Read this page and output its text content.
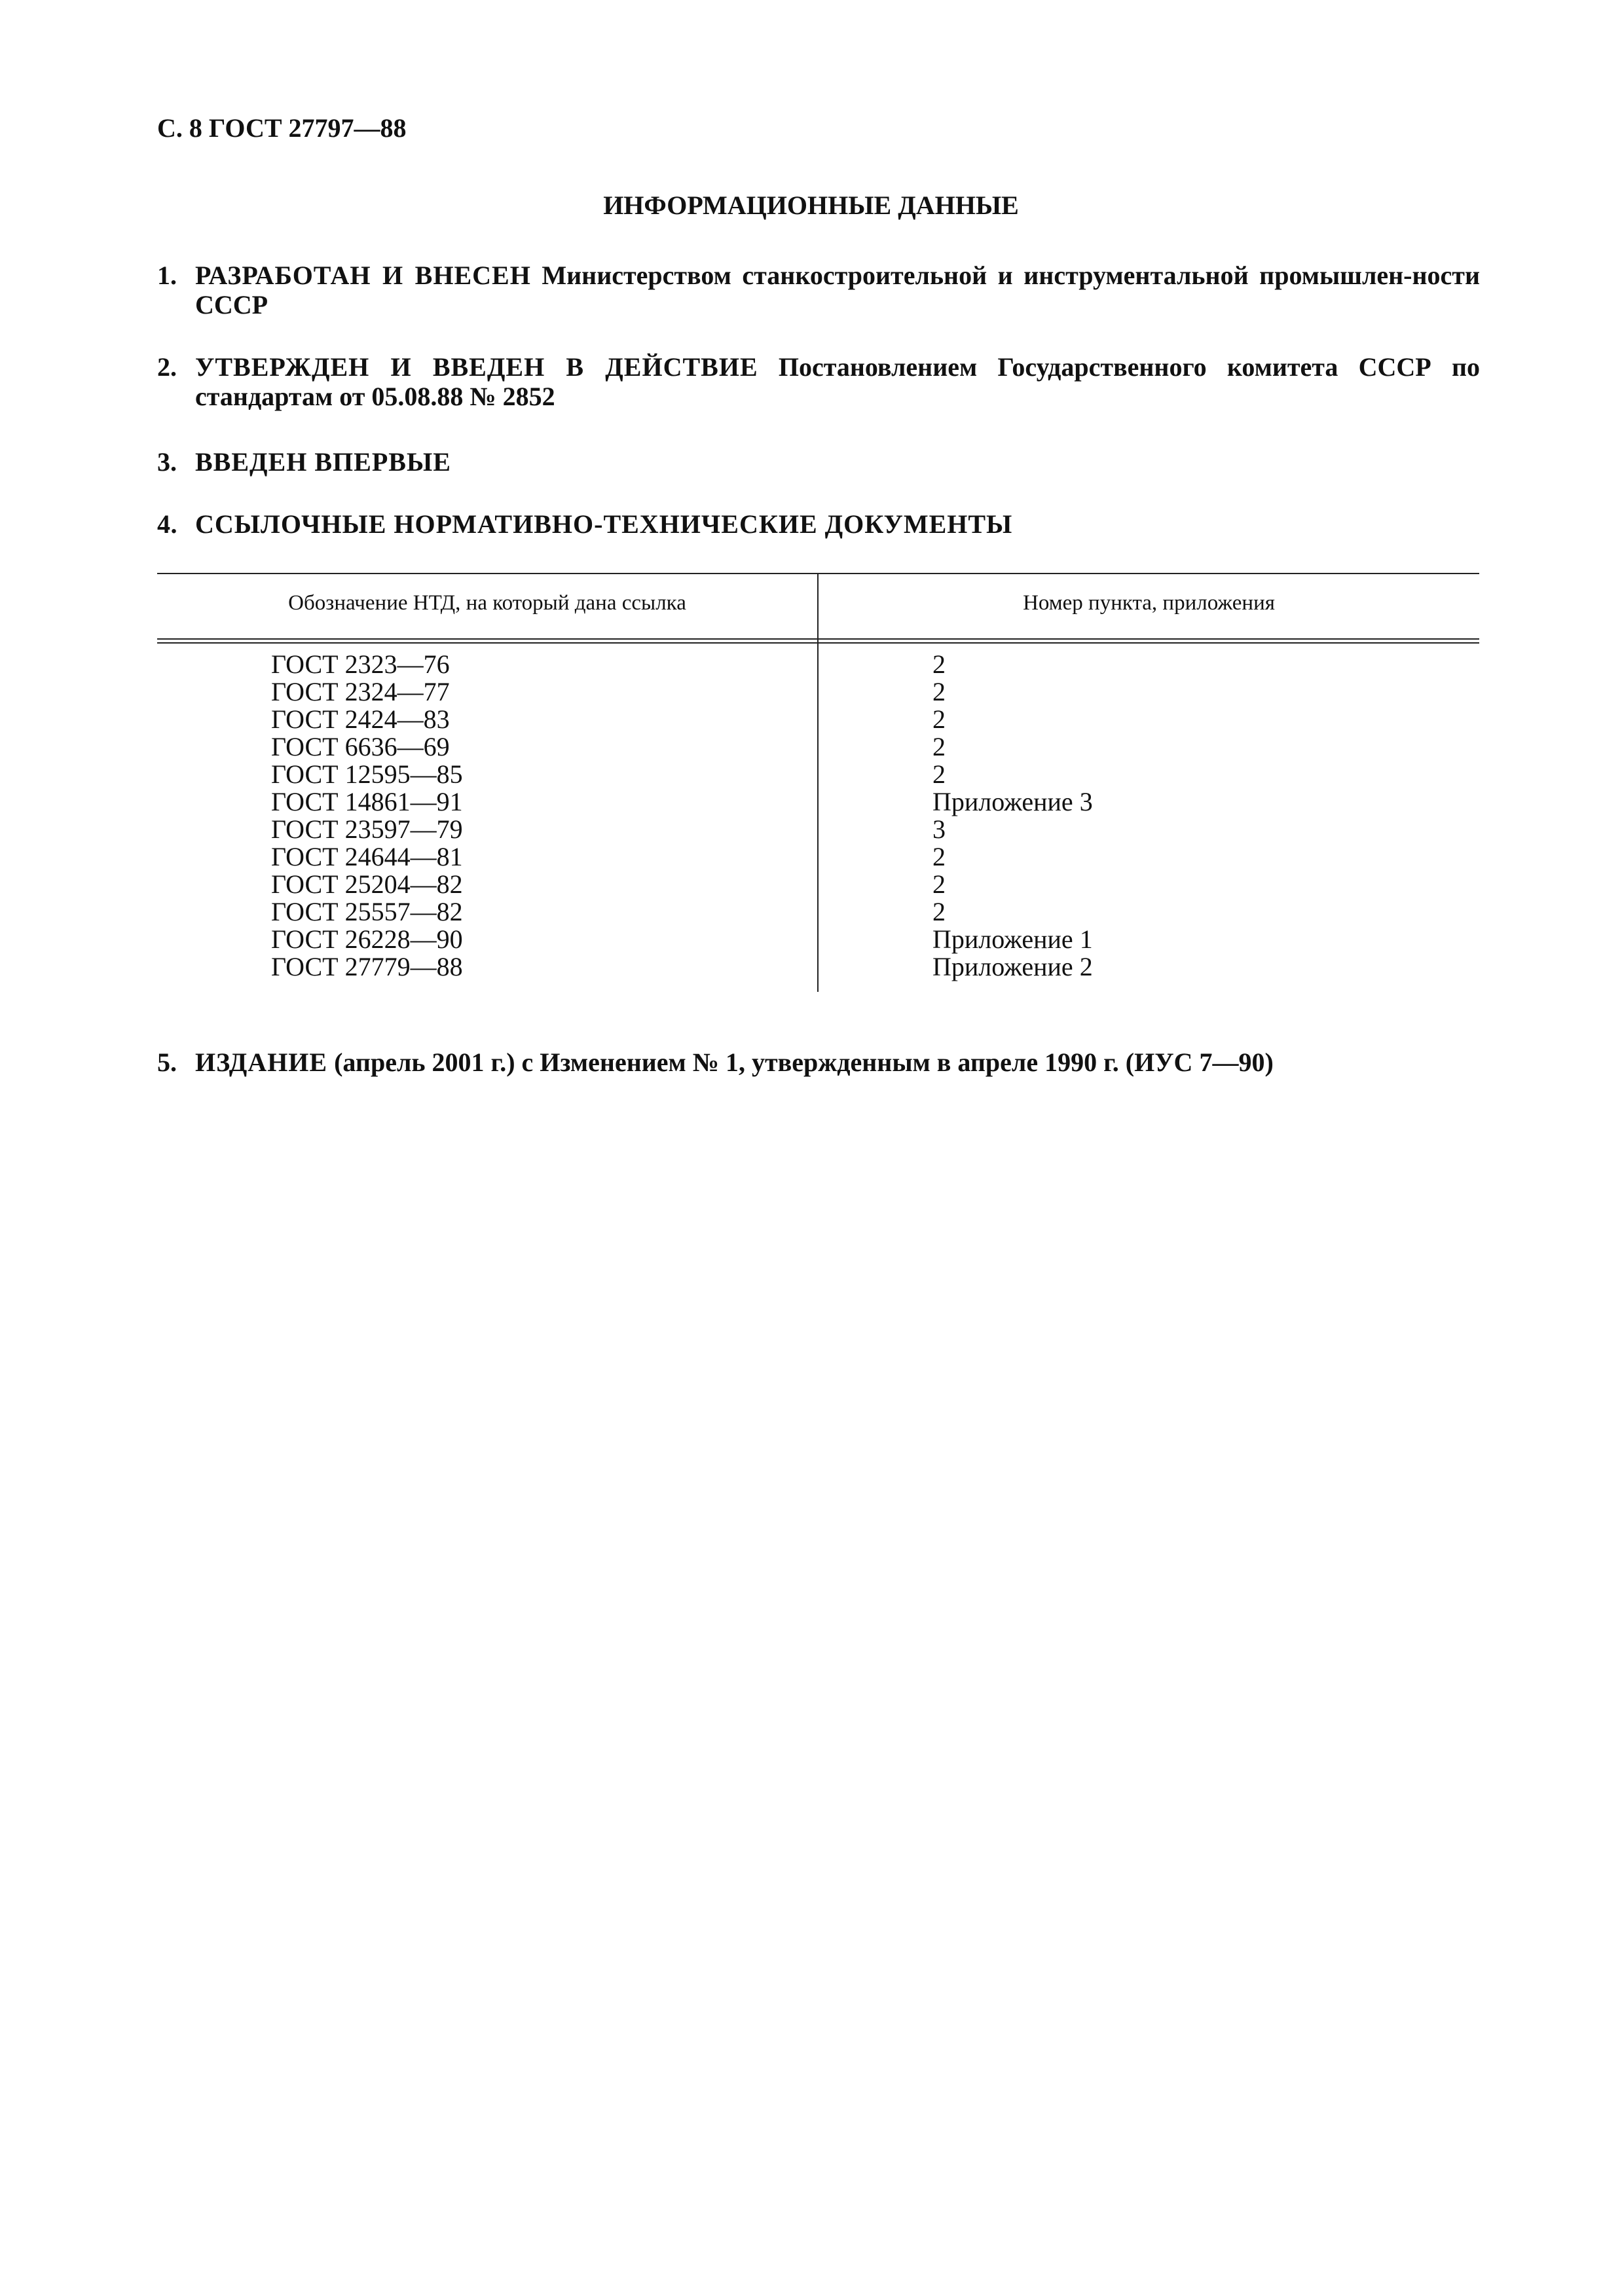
С. 8 ГОСТ 27797—88
ИНФОРМАЦИОННЫЕ ДАННЫЕ
1. РАЗРАБОТАН И ВНЕСЕН Министерством станкостроительной и инструментальной промышлен-ности СССР
2. УТВЕРЖДЕН И ВВЕДЕН В ДЕЙСТВИЕ Постановлением Государственного комитета СССР по стандартам от 05.08.88 № 2852
3. ВВЕДЕН ВПЕРВЫЕ
4. ССЫЛОЧНЫЕ НОРМАТИВНО-ТЕХНИЧЕСКИЕ ДОКУМЕНТЫ
Обозначение НТД, на который дана ссылка	Номер пункта, приложения
ГОСТ 2323—76	2
ГОСТ 2324—77	2
ГОСТ 2424—83	2
ГОСТ 6636—69	2
ГОСТ 12595—85	2
ГОСТ 14861—91	Приложение 3
ГОСТ 23597—79	3
ГОСТ 24644—81	2
ГОСТ 25204—82	2
ГОСТ 25557—82	2
ГОСТ 26228—90	Приложение 1
ГОСТ 27779—88	Приложение 2
5. ИЗДАНИЕ (апрель 2001 г.) с Изменением № 1, утвержденным в апреле 1990 г. (ИУС 7—90)
